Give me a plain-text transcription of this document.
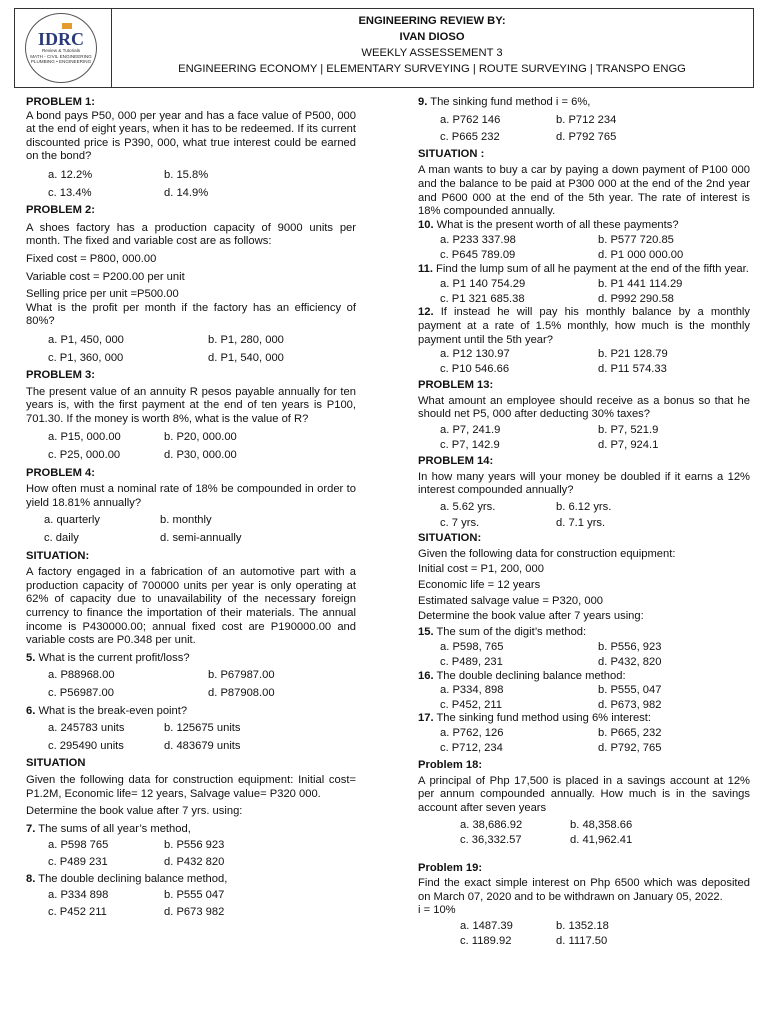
IDRC
Review & Tutorials
MATH - CIVIL ENGINEERING
PLUMBING • ENGINEERING
ENGINEERING REVIEW BY:
IVAN DIOSO
WEEKLY ASSESSEMENT 3
ENGINEERING ECONOMY | ELEMENTARY SURVEYING | ROUTE SURVEYING | TRANSPO ENGG

PROBLEM 1:

A bond pays P50, 000 per year and has a face value of P500, 000 at the end of eight years, when it has to be redeemed. If its current discounted price is P390, 000, what true interest could be earned on the bond?

a. 12.2%	b. 15.8%
c. 13.4%	d. 14.9%

PROBLEM 2:

A shoes factory has a production capacity of 9000 units per month. The fixed and variable cost are as follows:

Fixed cost = P800, 000.00

Variable cost = P200.00 per unit

Selling price per unit =P500.00

What is the profit per month if the factory has an efficiency of 80%?

a. P1, 450, 000	b. P1, 280, 000
c. P1, 360, 000	d. P1, 540, 000

PROBLEM 3:

The present value of an annuity R pesos payable annually for ten years is, with the first payment at the end of ten years is P100, 701.30. If the money is worth 8%, what is the value of R?

a. P15, 000.00	b. P20, 000.00
c. P25, 000.00	d. P30, 000.00

PROBLEM 4:

How often must a nominal rate of 18% be compounded in order to yield 18.81% annually?

a. quarterly	b. monthly
c. daily	d. semi-annually

SITUATION:

A factory engaged in a fabrication of an automotive part with a production capacity of 700000 units per year is only operating at 62% of capacity due to unavailability of the necessary foreign currency to finance the importation of their materials. The annual income is P430000.00; annual fixed cost are P190000.00 and variable costs are P0.348 per unit.

5. What is the current profit/loss?

a. P88968.00	b. P67987.00
c. P56987.00	d. P87908.00

6. What is the break-even point?

a. 245783 units	b. 125675 units
c. 295490 units	d. 483679 units

SITUATION

Given the following data for construction equipment: Initial cost= P1.2M, Economic life= 12 years, Salvage value= P320 000.

Determine the book value after 7 yrs. using:

7. The sums of all year’s method,

a. P598 765	b. P556 923
c. P489 231	d. P432 820

8. The double declining balance method,

a. P334 898	b. P555 047
c. P452 211	d. P673 982

9. The sinking fund method i = 6%,

a. P762 146	b. P712 234
c. P665 232	d. P792 765

SITUATION :

A man wants to buy a car by paying a down payment of P100 000 and the balance to be paid at P300 000 at the end of the 2nd year and P600 000 at the end of the 5th year. The rate of interest is 18% compounded annually.

10. What is the present worth of all these payments?

a. P233 337.98	b. P577 720.85
c. P645 789.09	d. P1 000 000.00

11. Find the lump sum of all he payment at the end of the fifth year.

a. P1 140 754.29	b. P1 441 114.29
c. P1 321 685.38	d. P992 290.58

12. If instead he will pay his monthly balance by a monthly payment at a rate of 1.5% monthly, how much is the monthly payment until the 5th year?

a. P12 130.97	b. P21 128.79
c. P10 546.66	d. P11 574.33

PROBLEM 13:

What amount an employee should receive as a bonus so that he should net P5, 000 after deducting 30% taxes?

a. P7, 241.9	b. P7, 521.9
c. P7, 142.9	d. P7, 924.1

PROBLEM 14:

In how many years will your money be doubled if it earns a 12% interest compounded annually?

a. 5.62 yrs.	b. 6.12 yrs.
c. 7 yrs.	d. 7.1 yrs.

SITUATION:

Given the following data for construction equipment:

Initial cost = P1, 200, 000

Economic life = 12 years

Estimated salvage value = P320, 000

Determine the book value after 7 years using:

15. The sum of the digit’s method:

a. P598, 765	b. P556, 923
c. P489, 231	d. P432, 820

16. The double declining balance method:

a. P334, 898	b. P555, 047
c. P452, 211	d. P673, 982

17. The sinking fund method using 6% interest:

a. P762, 126	b. P665, 232
c. P712, 234	d. P792, 765

Problem 18:

A principal of Php 17,500 is placed in a savings account at 12% per annum compounded annually. How much is in the savings account after seven years

a. 38,686.92	b. 48,358.66
c. 36,332.57	d. 41,962.41

Problem 19:

Find the exact simple interest on Php 6500 which was deposited on March 07, 2020 and to be withdrawn on January 05, 2022.

i = 10%

a. 1487.39	b. 1352.18
c. 1189.92	d. 1117.50
